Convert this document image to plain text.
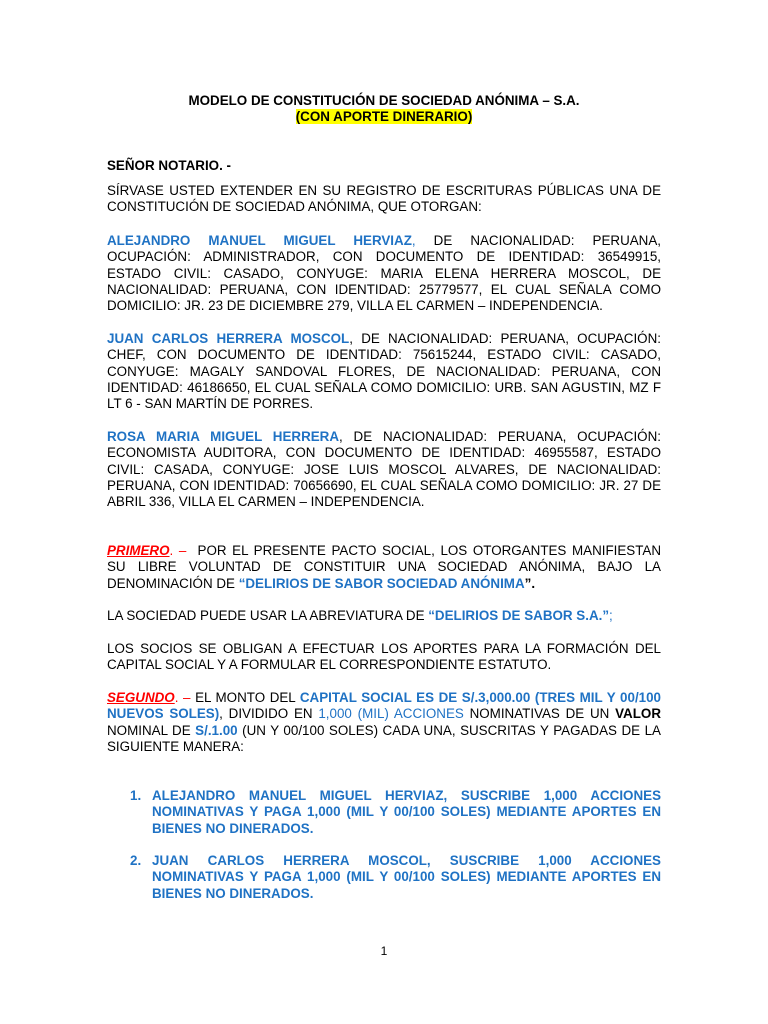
MODELO DE CONSTITUCIÓN DE SOCIEDAD ANÓNIMA – S.A.
(CON APORTE DINERARIO)
SEÑOR NOTARIO. -
SÍRVASE USTED EXTENDER EN SU REGISTRO DE ESCRITURAS PÚBLICAS UNA DE CONSTITUCIÓN DE SOCIEDAD ANÓNIMA, QUE OTORGAN:
ALEJANDRO MANUEL MIGUEL HERVIAZ, DE NACIONALIDAD: PERUANA, OCUPACIÓN: ADMINISTRADOR, CON DOCUMENTO DE IDENTIDAD: 36549915, ESTADO CIVIL: CASADO, CONYUGE: MARIA ELENA HERRERA MOSCOL, DE NACIONALIDAD: PERUANA, CON IDENTIDAD: 25779577, EL CUAL SEÑALA COMO DOMICILIO: JR. 23 DE DICIEMBRE 279, VILLA EL CARMEN – INDEPENDENCIA.
JUAN CARLOS HERRERA MOSCOL, DE NACIONALIDAD: PERUANA, OCUPACIÓN: CHEF, CON DOCUMENTO DE IDENTIDAD: 75615244, ESTADO CIVIL: CASADO, CONYUGE: MAGALY SANDOVAL FLORES, DE NACIONALIDAD: PERUANA, CON IDENTIDAD: 46186650, EL CUAL SEÑALA COMO DOMICILIO: URB. SAN AGUSTIN, MZ F LT 6 - SAN MARTÍN DE PORRES.
ROSA MARIA MIGUEL HERRERA, DE NACIONALIDAD: PERUANA, OCUPACIÓN: ECONOMISTA AUDITORA, CON DOCUMENTO DE IDENTIDAD: 46955587, ESTADO CIVIL: CASADA, CONYUGE: JOSE LUIS MOSCOL ALVARES, DE NACIONALIDAD: PERUANA, CON IDENTIDAD: 70656690, EL CUAL SEÑALA COMO DOMICILIO: JR. 27 DE ABRIL 336, VILLA EL CARMEN – INDEPENDENCIA.
PRIMERO. –  POR EL PRESENTE PACTO SOCIAL, LOS OTORGANTES MANIFIESTAN SU LIBRE VOLUNTAD DE CONSTITUIR UNA SOCIEDAD ANÓNIMA, BAJO LA DENOMINACIÓN DE “DELIRIOS DE SABOR SOCIEDAD ANÓNIMA”.
LA SOCIEDAD PUEDE USAR LA ABREVIATURA DE “DELIRIOS DE SABOR S.A.”;
LOS SOCIOS SE OBLIGAN A EFECTUAR LOS APORTES PARA LA FORMACIÓN DEL CAPITAL SOCIAL Y A FORMULAR EL CORRESPONDIENTE ESTATUTO.
SEGUNDO. – EL MONTO DEL CAPITAL SOCIAL ES DE S/.3,000.00 (TRES MIL Y 00/100 NUEVOS SOLES), DIVIDIDO EN 1,000 (MIL) ACCIONES NOMINATIVAS DE UN VALOR NOMINAL DE S/.1.00 (UN Y 00/100 SOLES) CADA UNA, SUSCRITAS Y PAGADAS DE LA SIGUIENTE MANERA:
1. ALEJANDRO MANUEL MIGUEL HERVIAZ, SUSCRIBE 1,000 ACCIONES NOMINATIVAS Y PAGA 1,000 (MIL Y 00/100 SOLES) MEDIANTE APORTES EN BIENES NO DINERADOS.
2. JUAN CARLOS HERRERA MOSCOL, SUSCRIBE 1,000 ACCIONES NOMINATIVAS Y PAGA 1,000 (MIL Y 00/100 SOLES) MEDIANTE APORTES EN BIENES NO DINERADOS.
1
